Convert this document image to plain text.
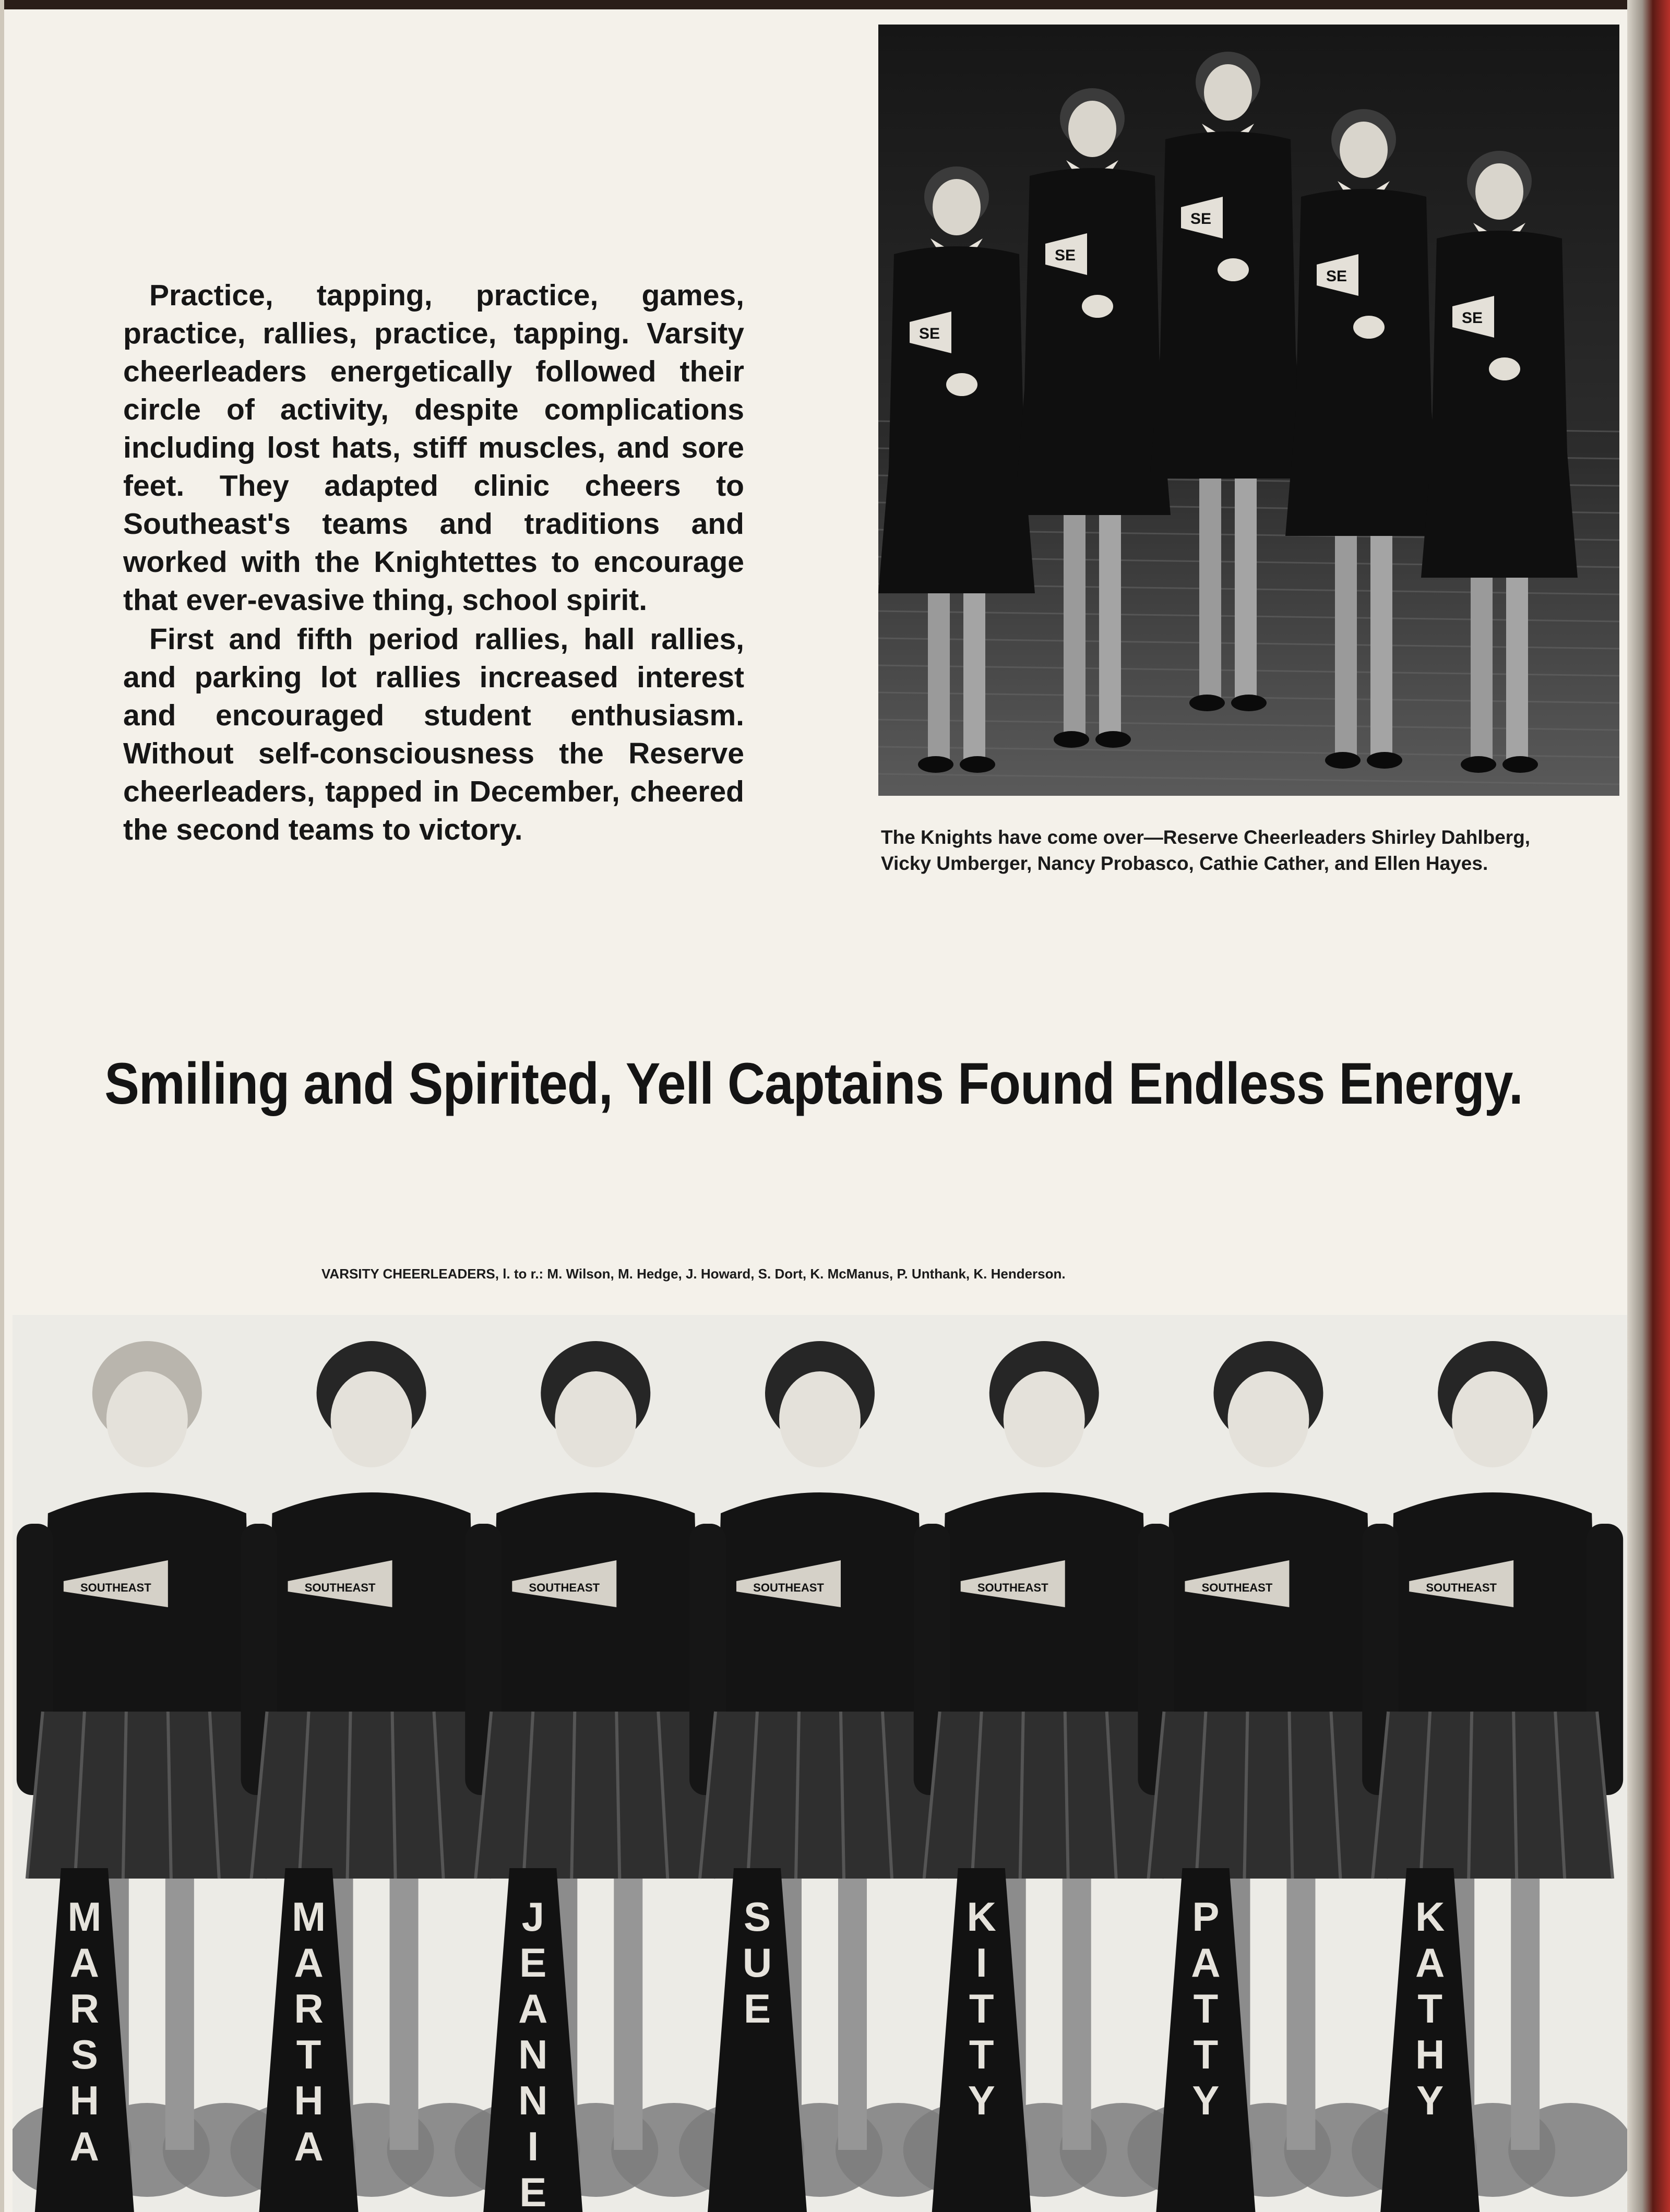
Practice, tapping, practice, games, practice, rallies, practice, tapping. Varsity cheerleaders energetically followed their circle of activity, despite complications including lost hats, stiff muscles, and sore feet. They adapted clinic cheers to Southeast's teams and traditions and worked with the Knightettes to encourage that ever-evasive thing, school spirit.

First and fifth period rallies, hall rallies, and parking lot rallies increased interest and encouraged student enthusiasm. Without self-consciousness the Reserve cheerleaders, tapped in December, cheered the second teams to victory.

SE
SE
SE
SE
SE
The Knights have come over—Reserve Cheerleaders Shirley Dahlberg,
Vicky Umberger, Nancy Probasco, Cathie Cather, and Ellen Hayes.
Smiling and Spirited, Yell Captains Found Endless Energy.
VARSITY CHEERLEADERS, l. to r.: M. Wilson, M. Hedge, J. Howard, S. Dort, K. McManus, P. Unthank, K. Henderson.
SOUTHEAST
M
A
R
S
H
A
SOUTHEAST
M
A
R
T
H
A
SOUTHEAST
J
E
A
N
N
I
E
SOUTHEAST
S
U
E
SOUTHEAST
K
I
T
T
Y
SOUTHEAST
P
A
T
T
Y
SOUTHEAST
K
A
T
H
Y
